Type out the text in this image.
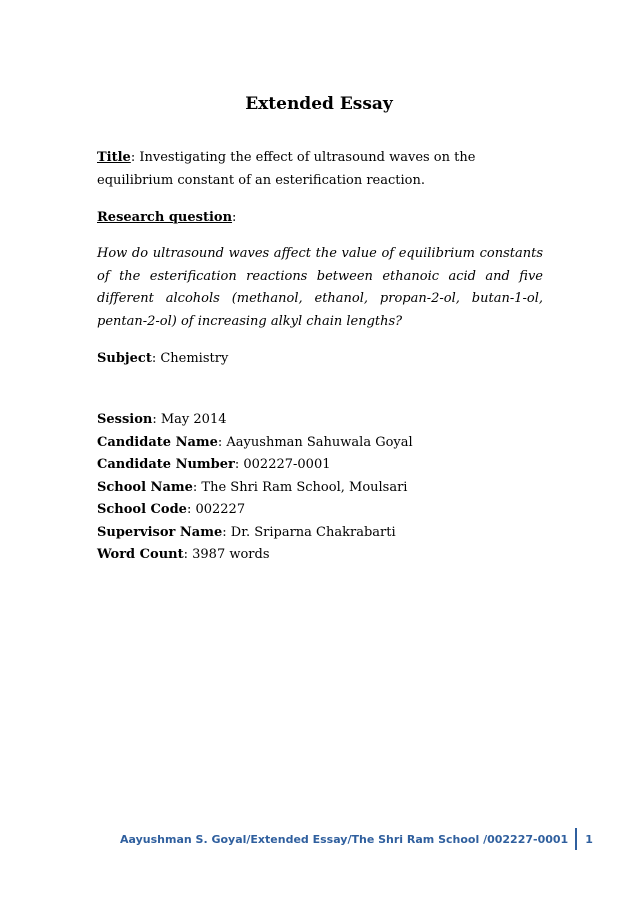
Extended Essay
Title: Investigating the effect of ultrasound waves on the equilibrium constant of an esterification reaction.
Research question:
How do ultrasound waves affect the value of equilibrium constants of the esterification reactions between ethanoic acid and five different alcohols (methanol, ethanol, propan-2-ol, butan-1-ol, pentan-2-ol) of increasing alkyl chain lengths?
Subject: Chemistry
Session: May 2014
Candidate Name: Aayushman Sahuwala Goyal
Candidate Number: 002227-0001
School Name: The Shri Ram School, Moulsari
School Code: 002227
Supervisor Name: Dr. Sriparna Chakrabarti
Word Count: 3987 words
Aayushman S. Goyal/Extended Essay/The Shri Ram School /002227-0001 1
